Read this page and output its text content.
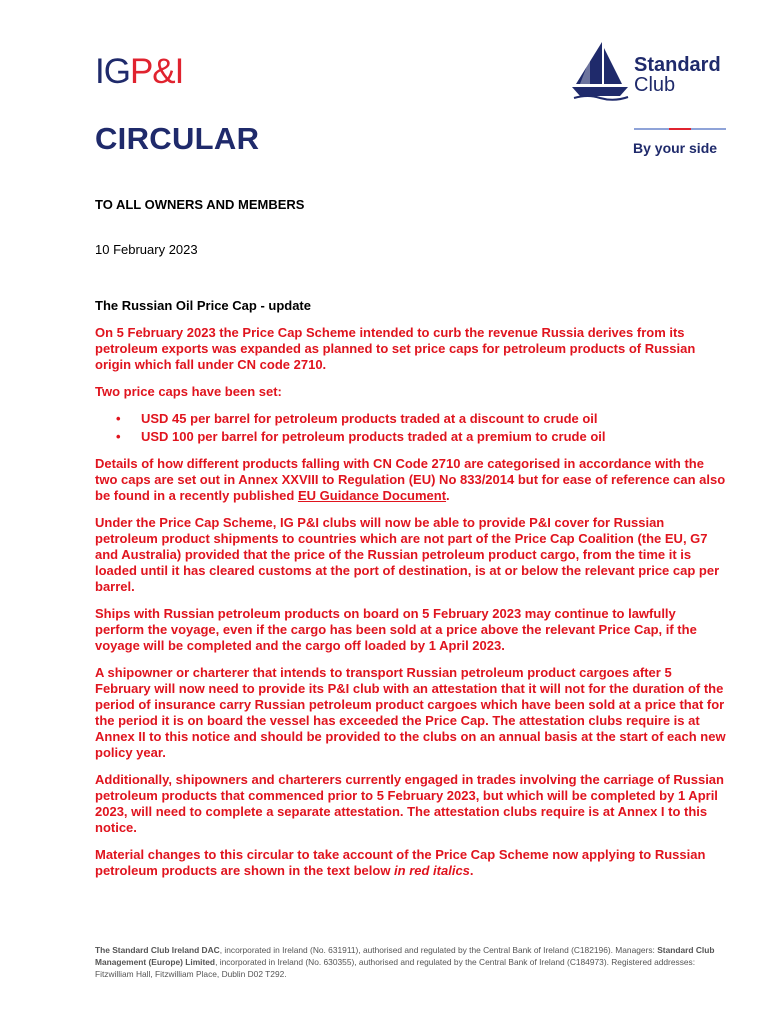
IGP&I	Standard
Club
CIRCULAR	By your side
TO ALL OWNERS AND MEMBERS
10 February 2023
The Russian Oil Price Cap - update

On 5 February 2023 the Price Cap Scheme intended to curb the revenue Russia derives from its petroleum exports was expanded as planned to set price caps for petroleum products of Russian origin which fall under CN code 2710.

Two price caps have been set:

• USD 45 per barrel for petroleum products traded at a discount to crude oil
• USD 100 per barrel for petroleum products traded at a premium to crude oil

Details of how different products falling with CN Code 2710 are categorised in accordance with the two caps are set out in Annex XXVIII to Regulation (EU) No 833/2014 but for ease of reference can also be found in a recently published EU Guidance Document.

Under the Price Cap Scheme, IG P&I clubs will now be able to provide P&I cover for Russian petroleum product shipments to countries which are not part of the Price Cap Coalition (the EU, G7 and Australia) provided that the price of the Russian petroleum product cargo, from the time it is loaded until it has cleared customs at the port of destination, is at or below the relevant price cap per barrel.

Ships with Russian petroleum products on board on 5 February 2023 may continue to lawfully perform the voyage, even if the cargo has been sold at a price above the relevant Price Cap, if the voyage will be completed and the cargo off loaded by 1 April 2023.

A shipowner or charterer that intends to transport Russian petroleum product cargoes after 5 February will now need to provide its P&I club with an attestation that it will not for the duration of the period of insurance carry Russian petroleum product cargoes which have been sold at a price that for the period it is on board the vessel has exceeded the Price Cap. The attestation clubs require is at Annex II to this notice and should be provided to the clubs on an annual basis at the start of each new policy year.

Additionally, shipowners and charterers currently engaged in trades involving the carriage of Russian petroleum products that commenced prior to 5 February 2023, but which will be completed by 1 April 2023, will need to complete a separate attestation. The attestation clubs require is at Annex I to this notice.

Material changes to this circular to take account of the Price Cap Scheme now applying to Russian petroleum products are shown in the text below in red italics.

The Standard Club Ireland DAC, incorporated in Ireland (No. 631911), authorised and regulated by the Central Bank of Ireland (C182196). Managers: Standard Club Management (Europe) Limited, incorporated in Ireland (No. 630355), authorised and regulated by the Central Bank of Ireland (C184973). Registered addresses: Fitzwilliam Hall, Fitzwilliam Place, Dublin D02 T292.
